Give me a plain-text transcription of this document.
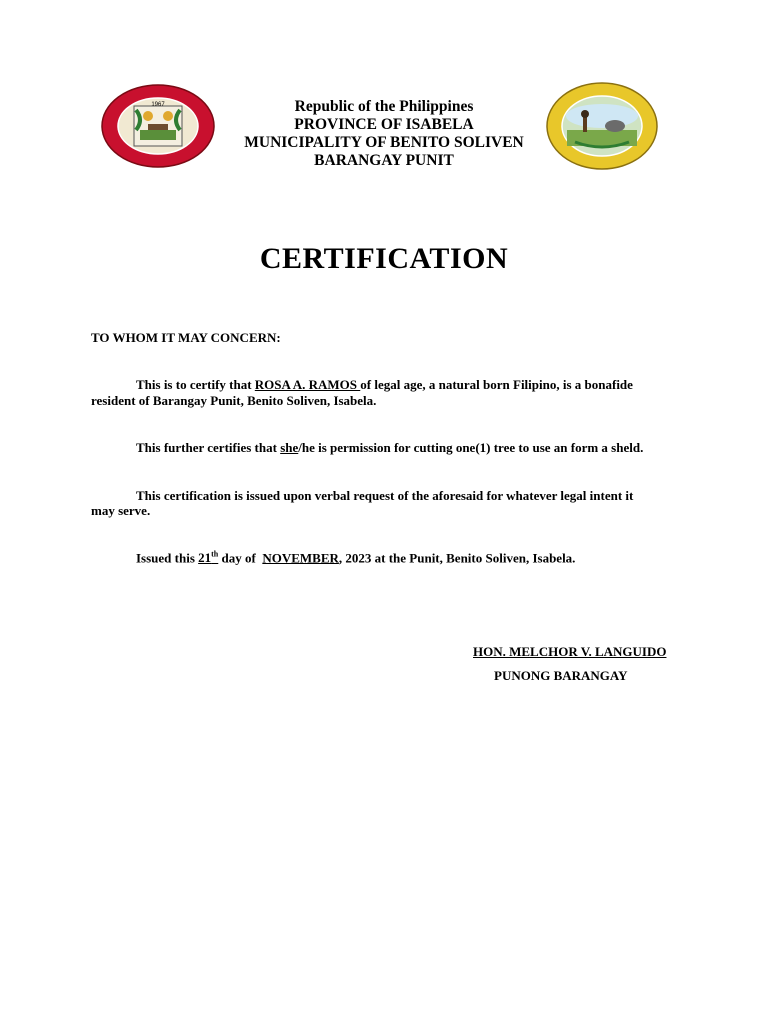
1967	Republic of the Philippines
PROVINCE OF ISABELA
MUNICIPALITY OF BENITO SOLIVEN
BARANGAY PUNIT
CERTIFICATION
TO WHOM IT MAY CONCERN:
This is to certify that ROSA A. RAMOS of legal age, a natural born Filipino, is a bonafide
resident of Barangay Punit, Benito Soliven, Isabela.
This further certifies that she/he is permission for cutting one(1) tree to use an form a sheld.
This certification is issued upon verbal request of the aforesaid for whatever legal intent it
may serve.
Issued this 21th day of  NOVEMBER, 2023 at the Punit, Benito Soliven, Isabela.
HON. MELCHOR V. LANGUIDO
PUNONG BARANGAY
